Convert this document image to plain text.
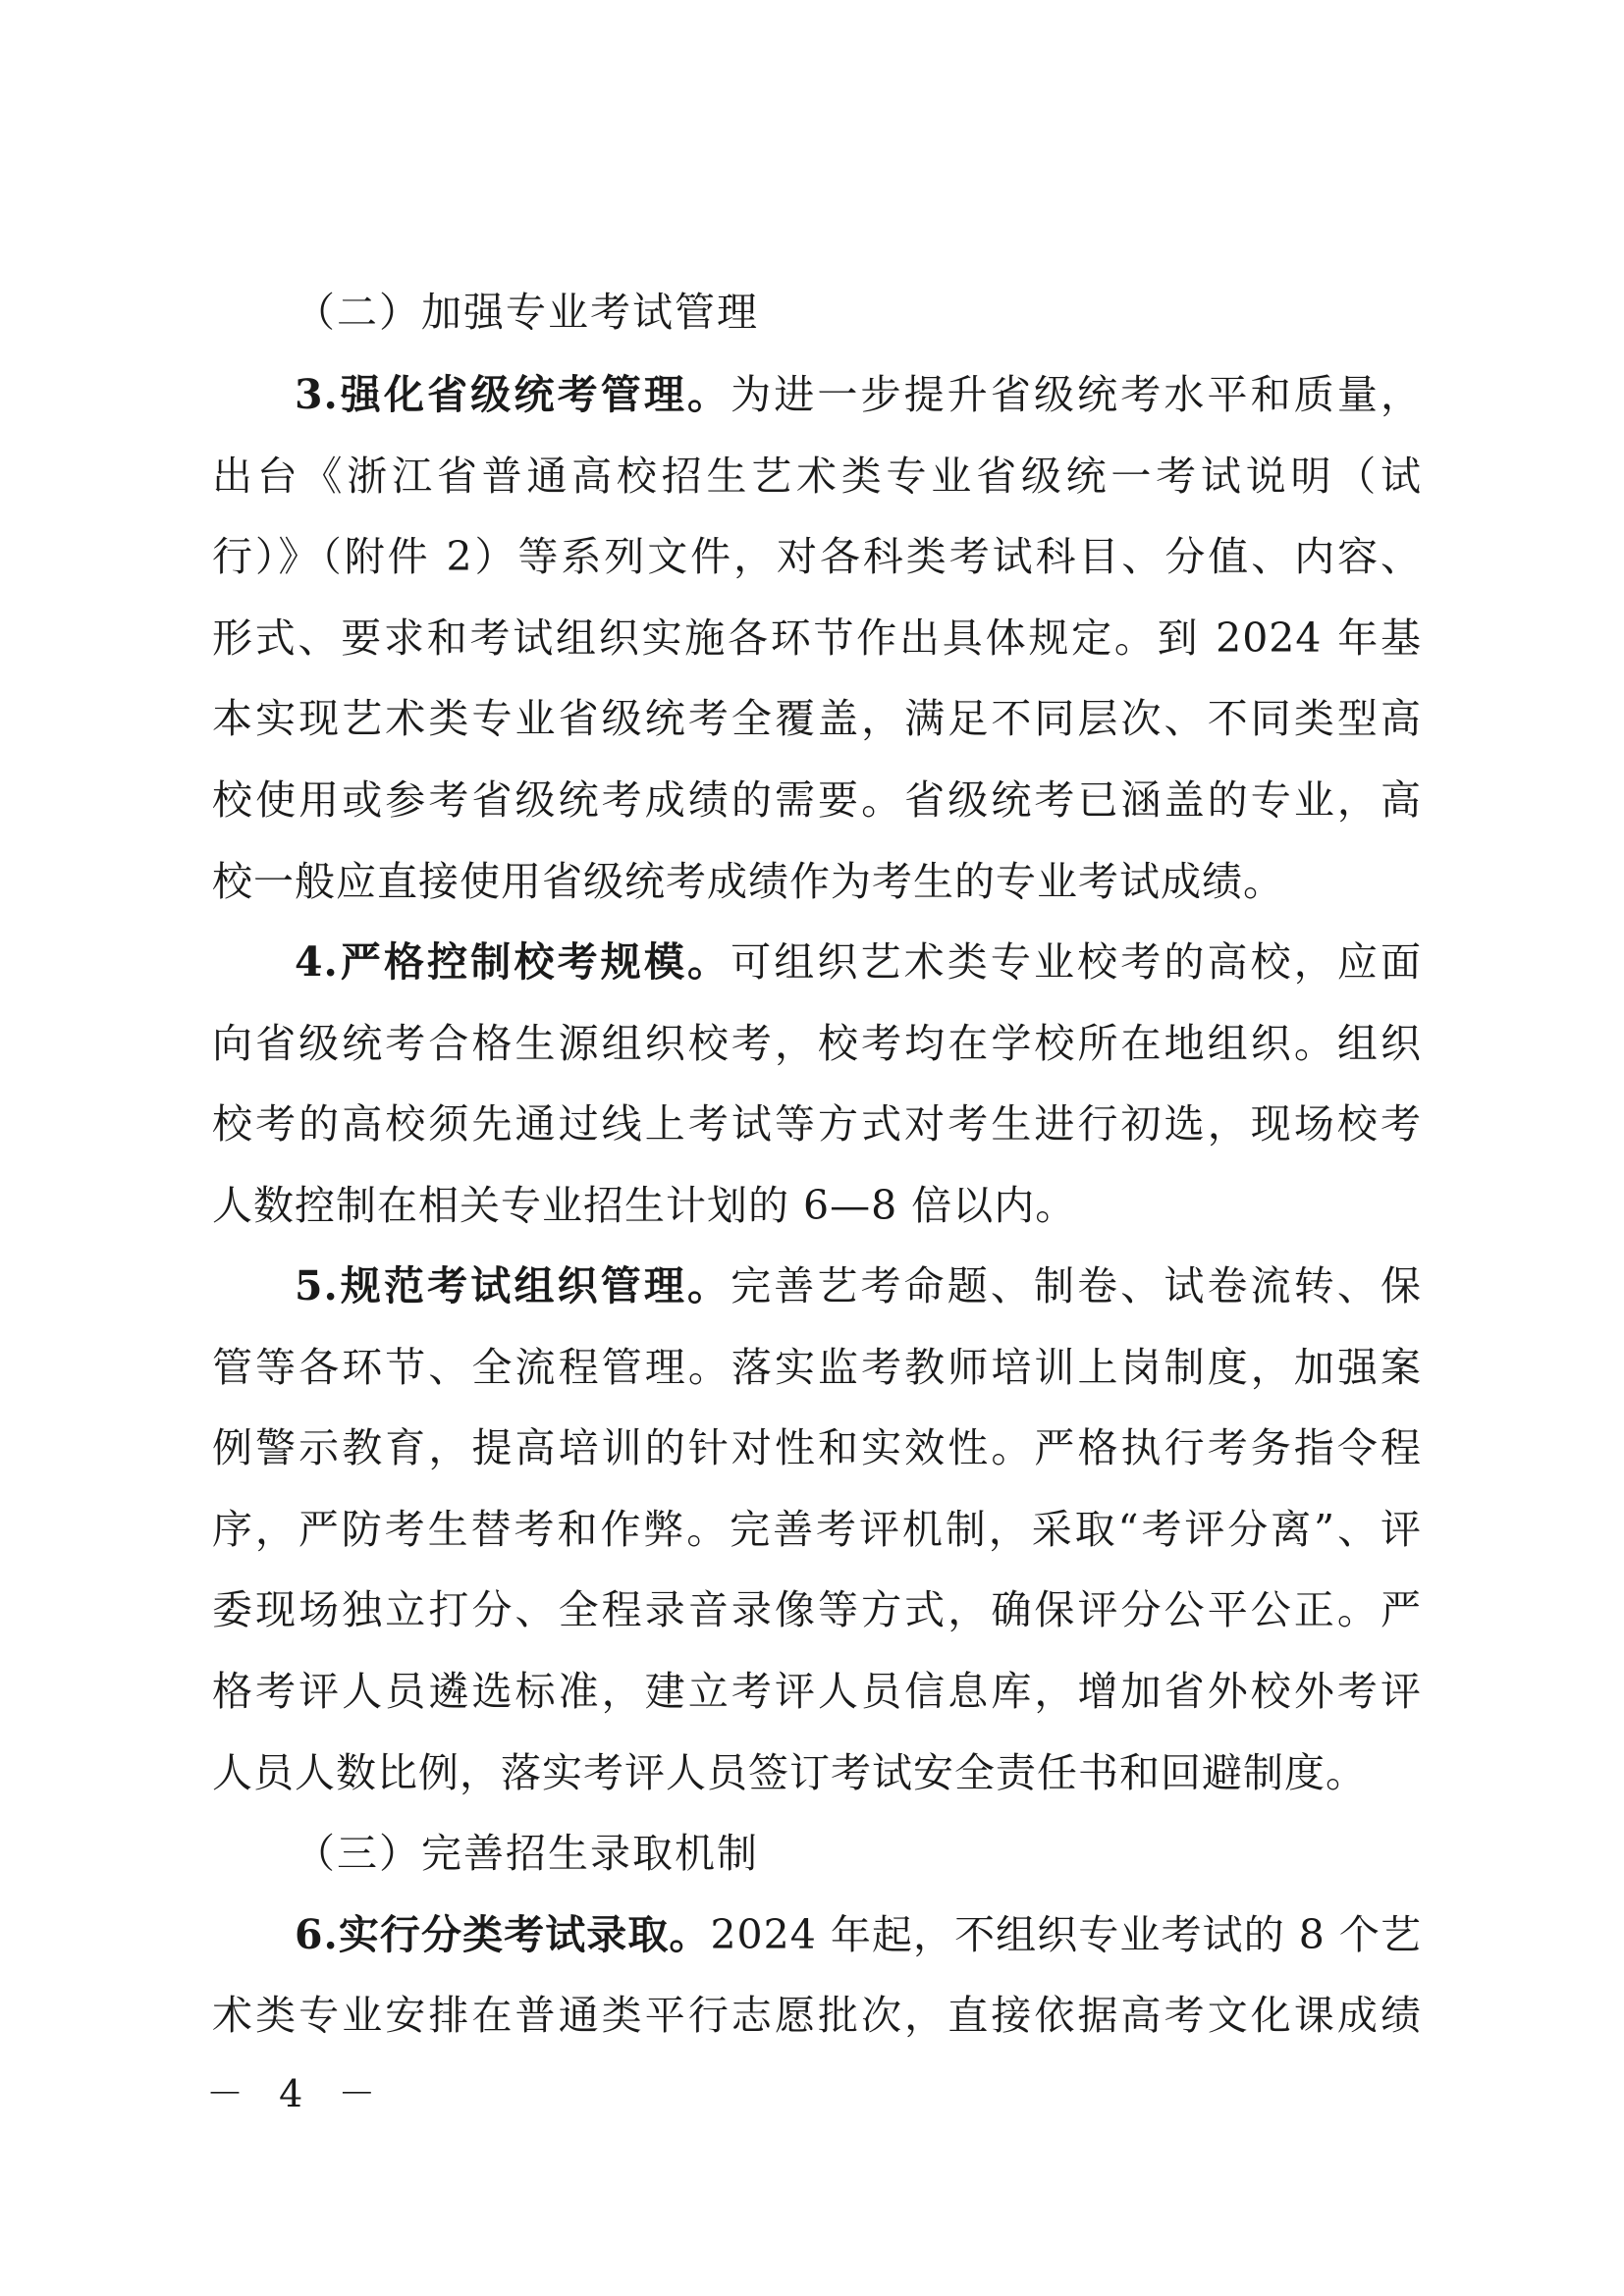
（二）加强专业考试管理
3.强化省级统考管理。为进一步提升省级统考水平和质量，
出台《浙江省普通高校招生艺术类专业省级统一考试说明（试
行）》（附件 2）等系列文件，对各科类考试科目、分值、内容、
形式、要求和考试组织实施各环节作出具体规定。到 2024 年基
本实现艺术类专业省级统考全覆盖，满足不同层次、不同类型高
校使用或参考省级统考成绩的需要。省级统考已涵盖的专业，高
校一般应直接使用省级统考成绩作为考生的专业考试成绩。
4.严格控制校考规模。可组织艺术类专业校考的高校，应面
向省级统考合格生源组织校考，校考均在学校所在地组织。组织
校考的高校须先通过线上考试等方式对考生进行初选，现场校考
人数控制在相关专业招生计划的 6—8 倍以内。
5.规范考试组织管理。完善艺考命题、制卷、试卷流转、保
管等各环节、全流程管理。落实监考教师培训上岗制度，加强案
例警示教育，提高培训的针对性和实效性。严格执行考务指令程
序，严防考生替考和作弊。完善考评机制，采取“考评分离”、评
委现场独立打分、全程录音录像等方式，确保评分公平公正。严
格考评人员遴选标准，建立考评人员信息库，增加省外校外考评
人员人数比例，落实考评人员签订考试安全责任书和回避制度。
（三）完善招生录取机制
6.实行分类考试录取。2024 年起，不组织专业考试的 8 个艺
术类专业安排在普通类平行志愿批次，直接依据高考文化课成绩
－ 4 －
